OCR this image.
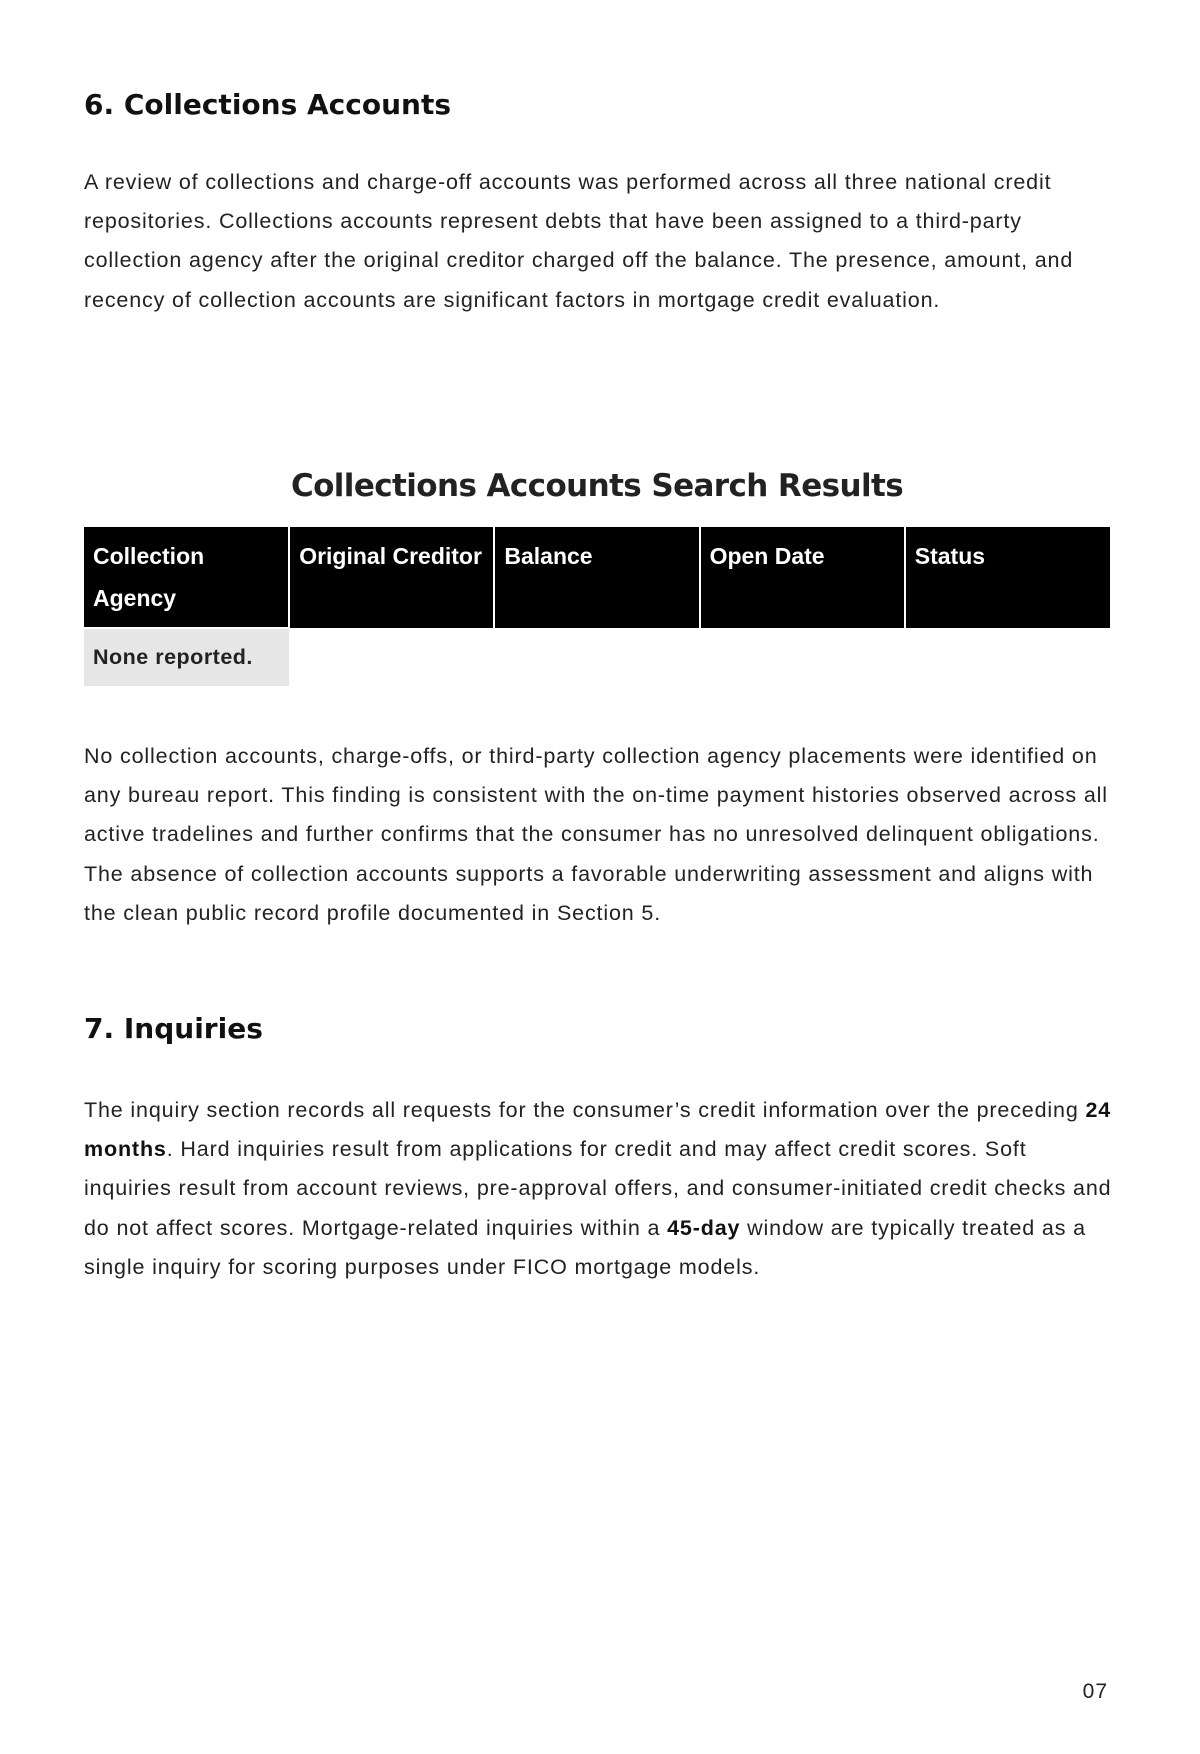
6. Collections Accounts

A review of collections and charge-off accounts was performed across all three national credit repositories. Collections accounts represent debts that have been assigned to a third-party collection agency after the original creditor charged off the balance. The presence, amount, and recency of collection accounts are significant factors in mortgage credit evaluation.

Collections Accounts Search Results
Collection Agency	Original Creditor	Balance	Open Date	Status
None reported.				

No collection accounts, charge-offs, or third-party collection agency placements were identified on any bureau report. This finding is consistent with the on-time payment histories observed across all active tradelines and further confirms that the consumer has no unresolved delinquent obligations. The absence of collection accounts supports a favorable underwriting assessment and aligns with the clean public record profile documented in Section 5.

7. Inquiries

The inquiry section records all requests for the consumer’s credit information over the preceding 24 months. Hard inquiries result from applications for credit and may affect credit scores. Soft inquiries result from account reviews, pre-approval offers, and consumer-initiated credit checks and do not affect scores. Mortgage-related inquiries within a 45-day window are typically treated as a single inquiry for scoring purposes under FICO mortgage models.

07
